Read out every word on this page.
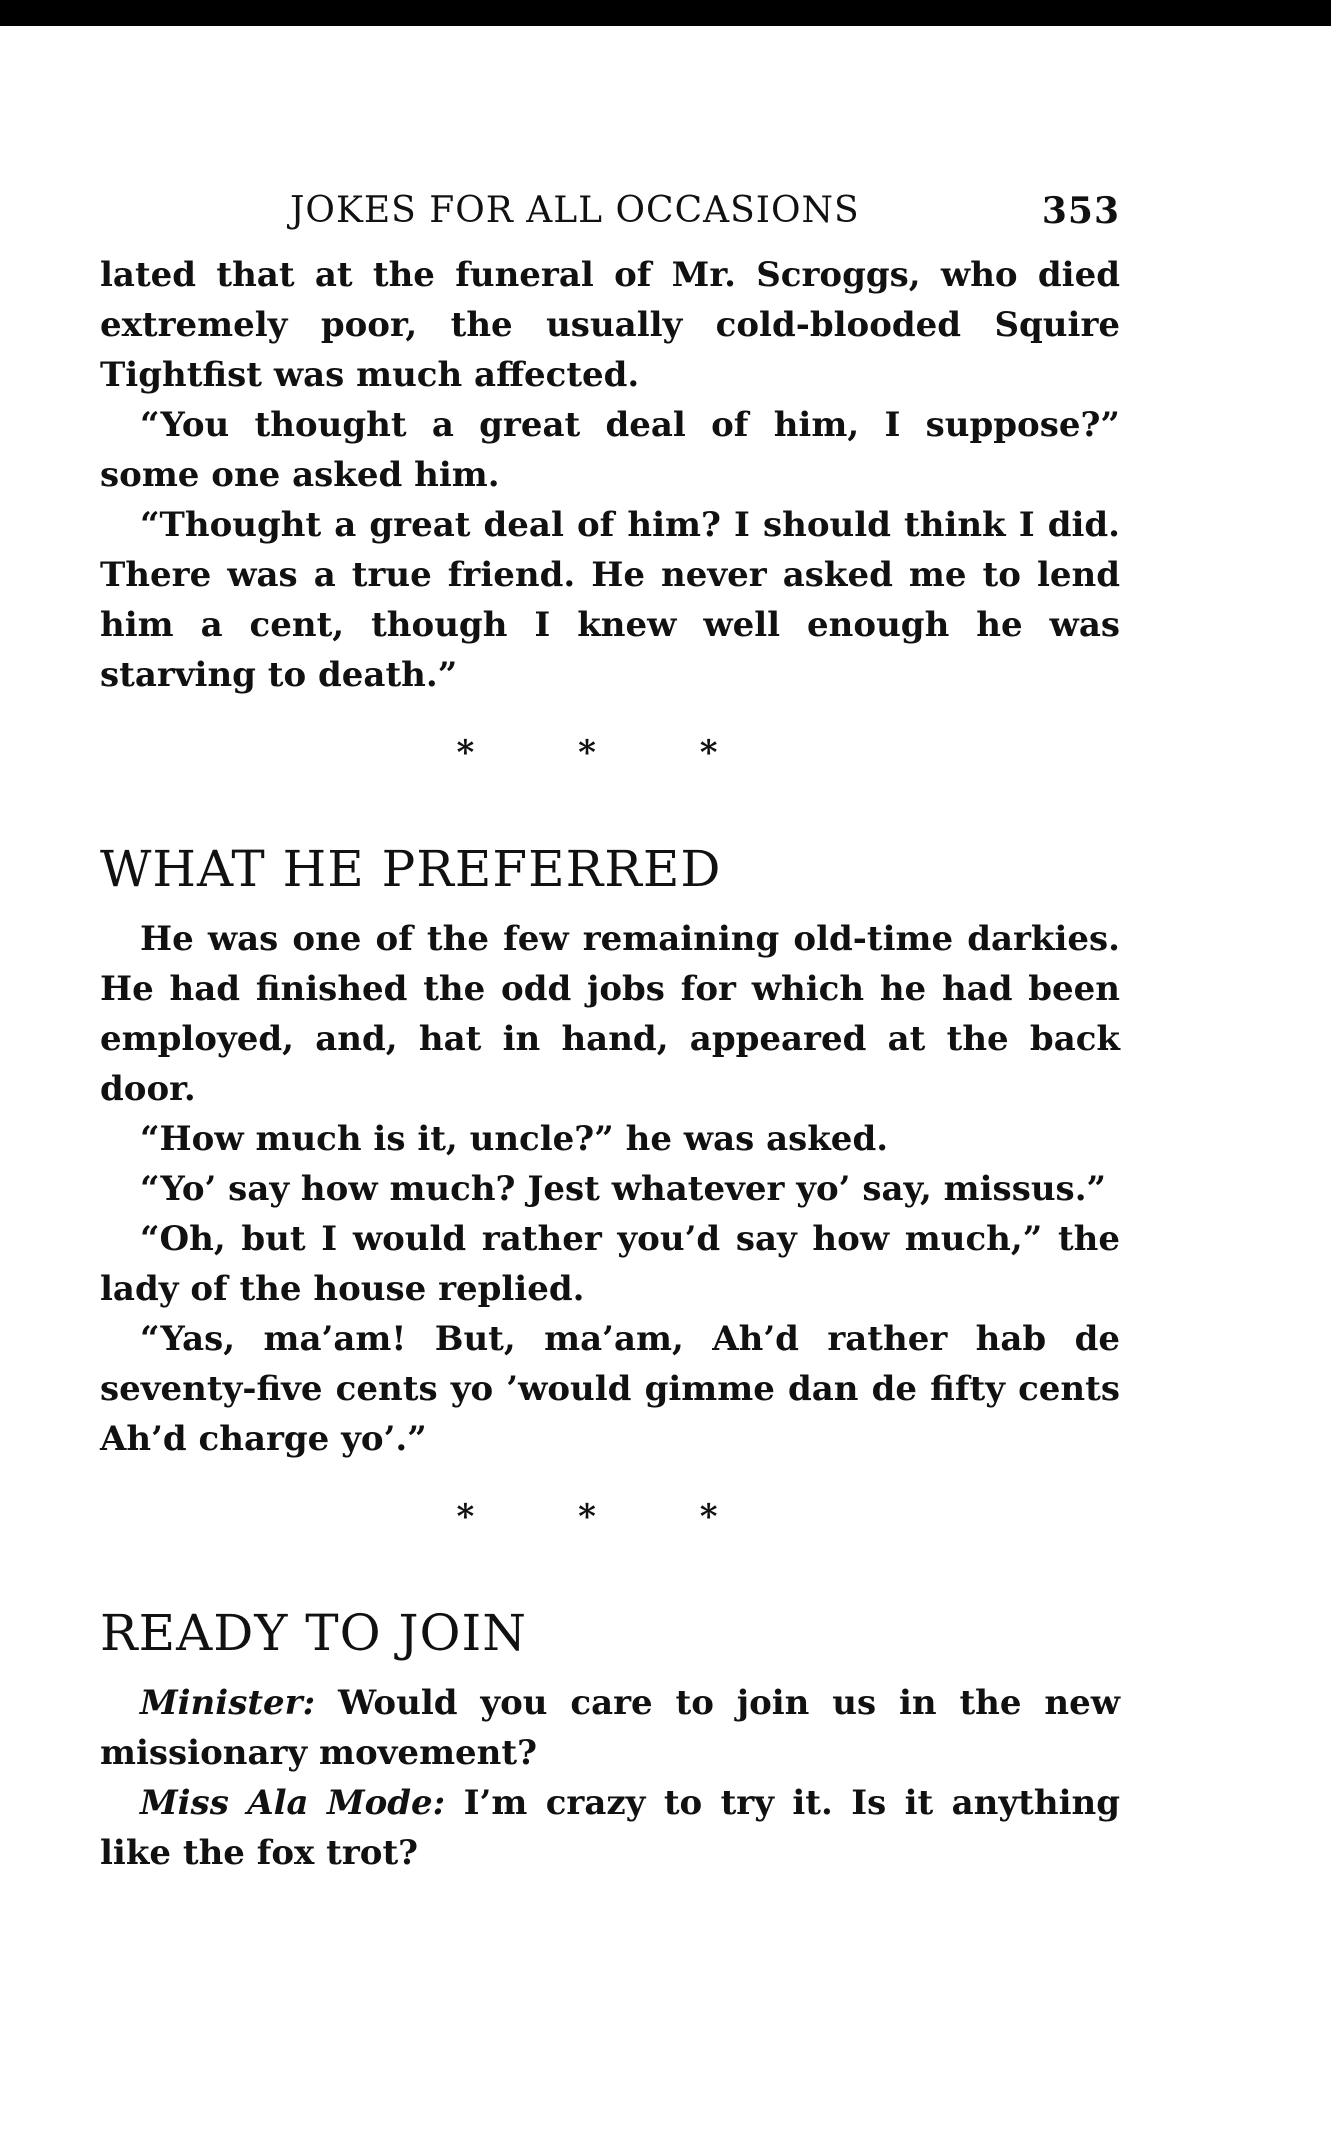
JOKES FOR ALL OCCASIONS	353

lated that at the funeral of Mr. Scroggs, who died extremely poor, the usually cold-blooded Squire Tightfist was much affected.

“You thought a great deal of him, I suppose?” some one asked him.

“Thought a great deal of him? I should think I did. There was a true friend. He never asked me to lend him a cent, though I knew well enough he was starving to death.”

* * *
WHAT HE PREFERRED

He was one of the few remaining old-time darkies. He had finished the odd jobs for which he had been employed, and, hat in hand, appeared at the back door.

“How much is it, uncle?” he was asked.

“Yo’ say how much? Jest whatever yo’ say, missus.”

“Oh, but I would rather you’d say how much,” the lady of the house replied.

“Yas, ma’am! But, ma’am, Ah’d rather hab de seventy-five cents yo ’would gimme dan de fifty cents Ah’d charge yo’.”

* * *
READY TO JOIN

Minister: Would you care to join us in the new missionary movement?

Miss Ala Mode: I’m crazy to try it. Is it anything like the fox trot?
